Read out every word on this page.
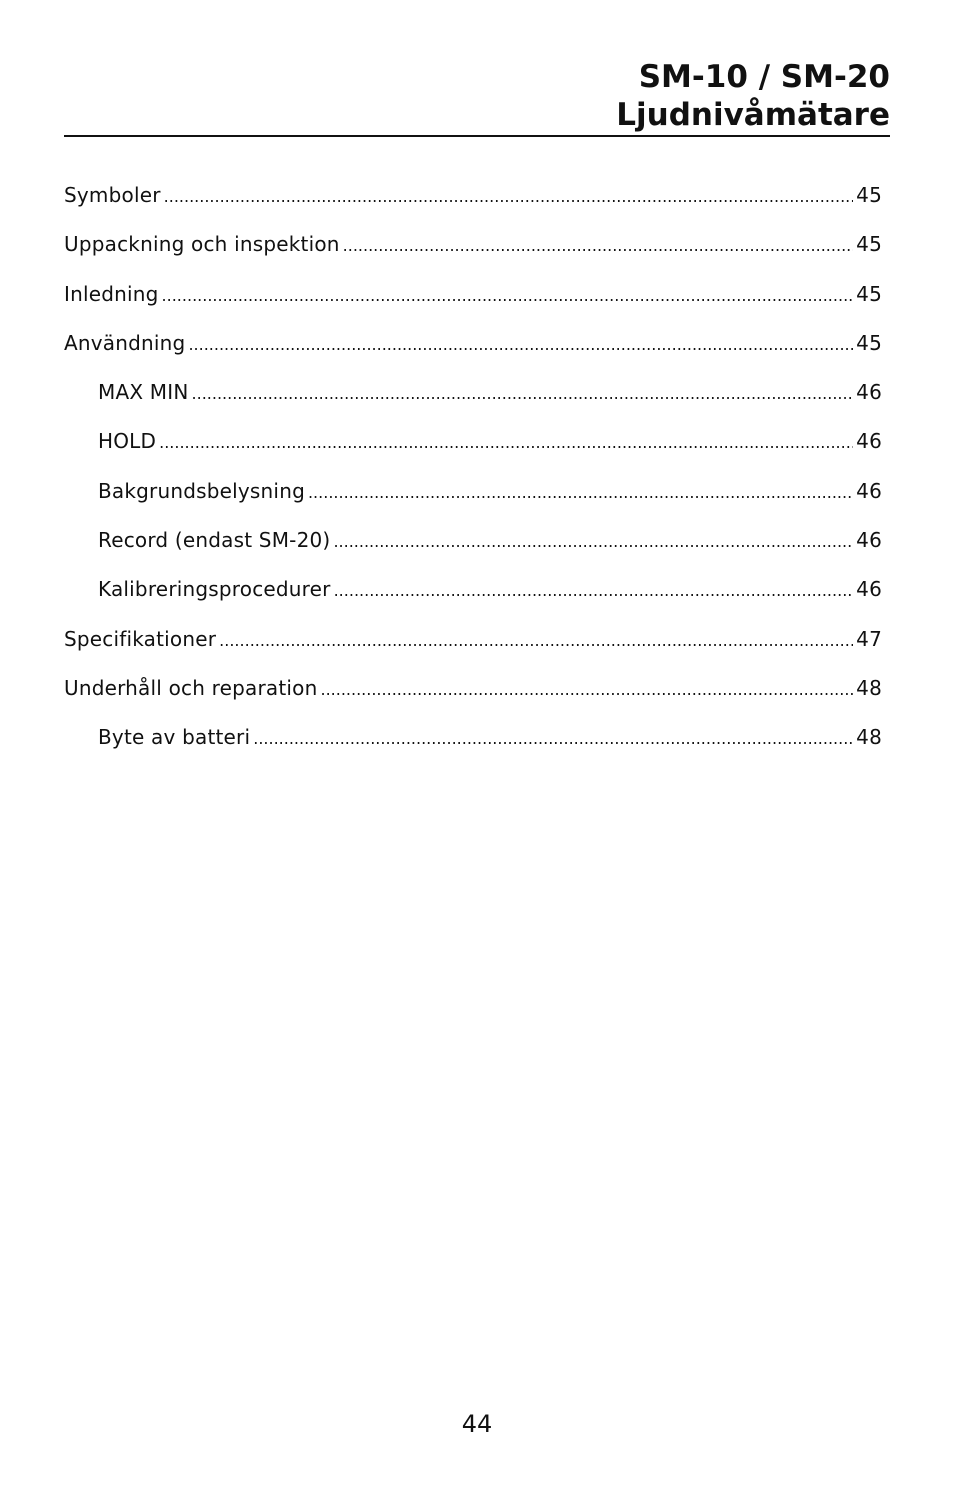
SM-10 / SM-20
Ljudnivåmätare
Symboler .....	45
Uppackning och inspektion .....	45
Inledning .....	45
Användning .....	45
MAX MIN .....	46
HOLD .....	46
Bakgrundsbelysning .....	46
Record (endast SM-20) .....	46
Kalibreringsprocedurer .....	46
Specifikationer .....	47
Underhåll och reparation .....	48
Byte av batteri .....	48
44
